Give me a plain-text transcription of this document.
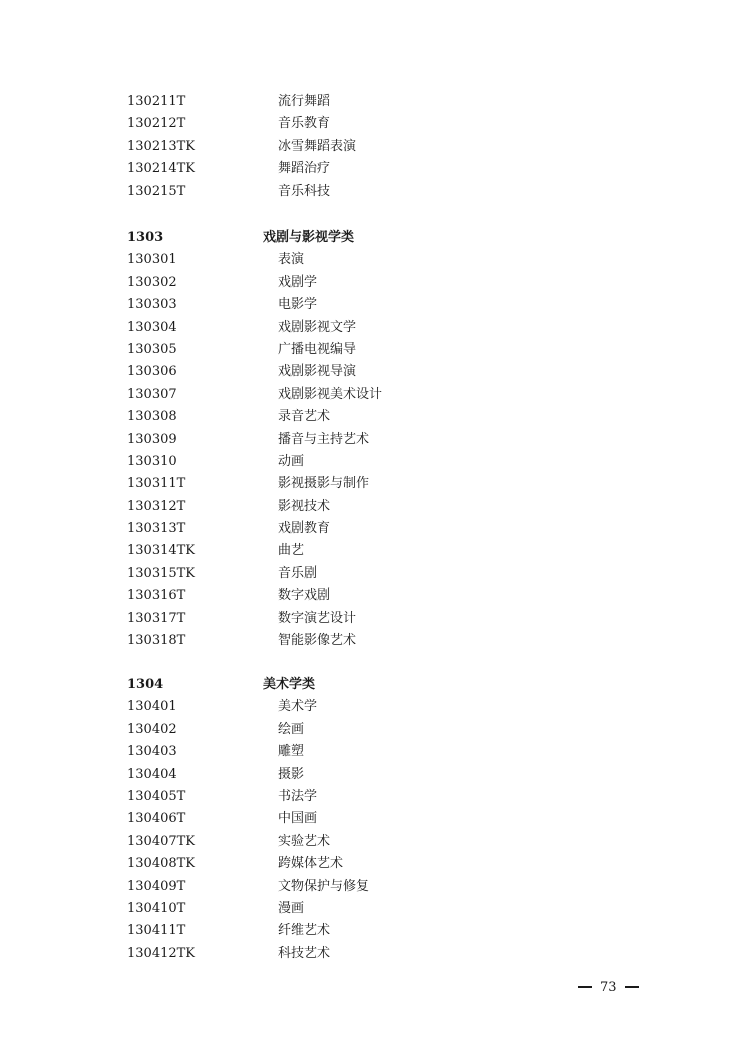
130211T	流行舞蹈
130212T	音乐教育
130213TK	冰雪舞蹈表演
130214TK	舞蹈治疗
130215T	音乐科技
1303	戏剧与影视学类
130301	表演
130302	戏剧学
130303	电影学
130304	戏剧影视文学
130305	广播电视编导
130306	戏剧影视导演
130307	戏剧影视美术设计
130308	录音艺术
130309	播音与主持艺术
130310	动画
130311T	影视摄影与制作
130312T	影视技术
130313T	戏剧教育
130314TK	曲艺
130315TK	音乐剧
130316T	数字戏剧
130317T	数字演艺设计
130318T	智能影像艺术
1304	美术学类
130401	美术学
130402	绘画
130403	雕塑
130404	摄影
130405T	书法学
130406T	中国画
130407TK	实验艺术
130408TK	跨媒体艺术
130409T	文物保护与修复
130410T	漫画
130411T	纤维艺术
130412TK	科技艺术
73
